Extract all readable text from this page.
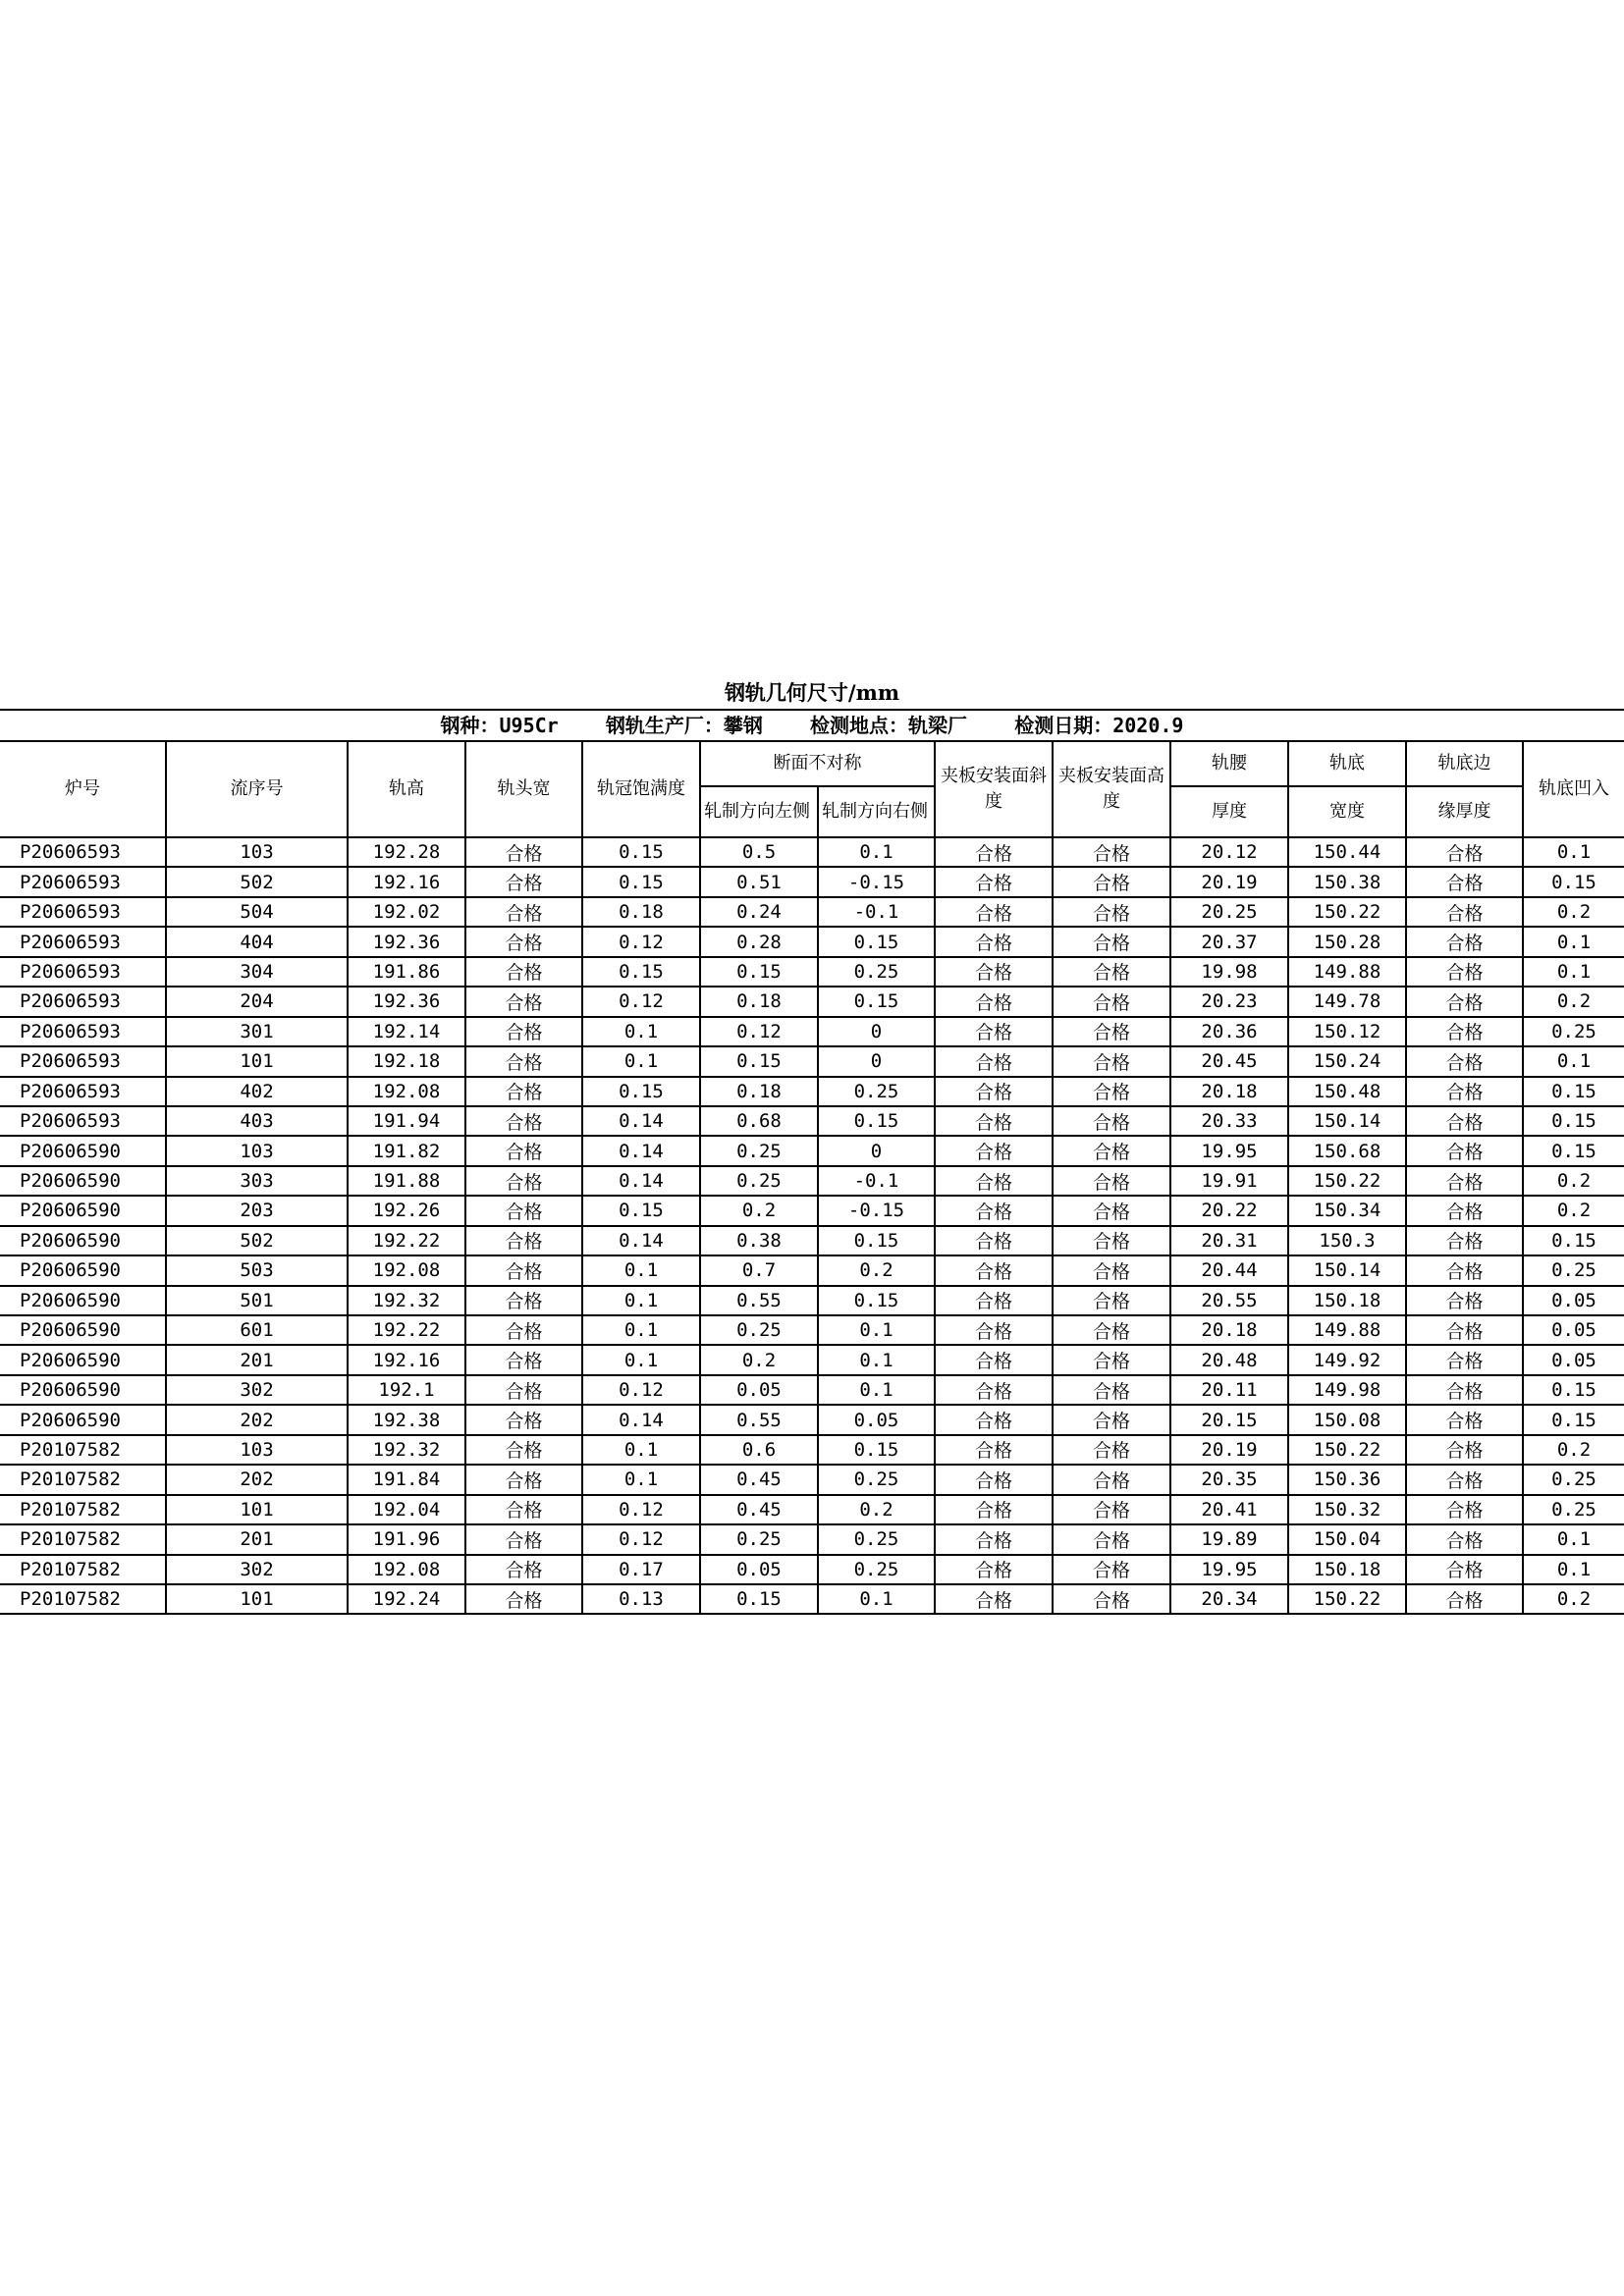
钢轨几何尺寸/mm
钢种：U95Cr    钢轨生产厂：攀钢    检测地点：轨梁厂    检测日期：2020.9
炉号	流序号	轨高	轨头宽	轨冠饱满度	断面不对称		夹板安装面斜度	夹板安装面高度	轨腰	轨底	轨底边	轨底凹入
					轧制方向左侧	轧制方向右侧			厚度	宽度	缘厚度	
P20606593	103	192.28	合格	0.15	0.5	0.1	合格	合格	20.12	150.44	合格	0.1
P20606593	502	192.16	合格	0.15	0.51	-0.15	合格	合格	20.19	150.38	合格	0.15
P20606593	504	192.02	合格	0.18	0.24	-0.1	合格	合格	20.25	150.22	合格	0.2
P20606593	404	192.36	合格	0.12	0.28	0.15	合格	合格	20.37	150.28	合格	0.1
P20606593	304	191.86	合格	0.15	0.15	0.25	合格	合格	19.98	149.88	合格	0.1
P20606593	204	192.36	合格	0.12	0.18	0.15	合格	合格	20.23	149.78	合格	0.2
P20606593	301	192.14	合格	0.1	0.12	0	合格	合格	20.36	150.12	合格	0.25
P20606593	101	192.18	合格	0.1	0.15	0	合格	合格	20.45	150.24	合格	0.1
P20606593	402	192.08	合格	0.15	0.18	0.25	合格	合格	20.18	150.48	合格	0.15
P20606593	403	191.94	合格	0.14	0.68	0.15	合格	合格	20.33	150.14	合格	0.15
P20606590	103	191.82	合格	0.14	0.25	0	合格	合格	19.95	150.68	合格	0.15
P20606590	303	191.88	合格	0.14	0.25	-0.1	合格	合格	19.91	150.22	合格	0.2
P20606590	203	192.26	合格	0.15	0.2	-0.15	合格	合格	20.22	150.34	合格	0.2
P20606590	502	192.22	合格	0.14	0.38	0.15	合格	合格	20.31	150.3	合格	0.15
P20606590	503	192.08	合格	0.1	0.7	0.2	合格	合格	20.44	150.14	合格	0.25
P20606590	501	192.32	合格	0.1	0.55	0.15	合格	合格	20.55	150.18	合格	0.05
P20606590	601	192.22	合格	0.1	0.25	0.1	合格	合格	20.18	149.88	合格	0.05
P20606590	201	192.16	合格	0.1	0.2	0.1	合格	合格	20.48	149.92	合格	0.05
P20606590	302	192.1	合格	0.12	0.05	0.1	合格	合格	20.11	149.98	合格	0.15
P20606590	202	192.38	合格	0.14	0.55	0.05	合格	合格	20.15	150.08	合格	0.15
P20107582	103	192.32	合格	0.1	0.6	0.15	合格	合格	20.19	150.22	合格	0.2
P20107582	202	191.84	合格	0.1	0.45	0.25	合格	合格	20.35	150.36	合格	0.25
P20107582	101	192.04	合格	0.12	0.45	0.2	合格	合格	20.41	150.32	合格	0.25
P20107582	201	191.96	合格	0.12	0.25	0.25	合格	合格	19.89	150.04	合格	0.1
P20107582	302	192.08	合格	0.17	0.05	0.25	合格	合格	19.95	150.18	合格	0.1
P20107582	101	192.24	合格	0.13	0.15	0.1	合格	合格	20.34	150.22	合格	0.2
